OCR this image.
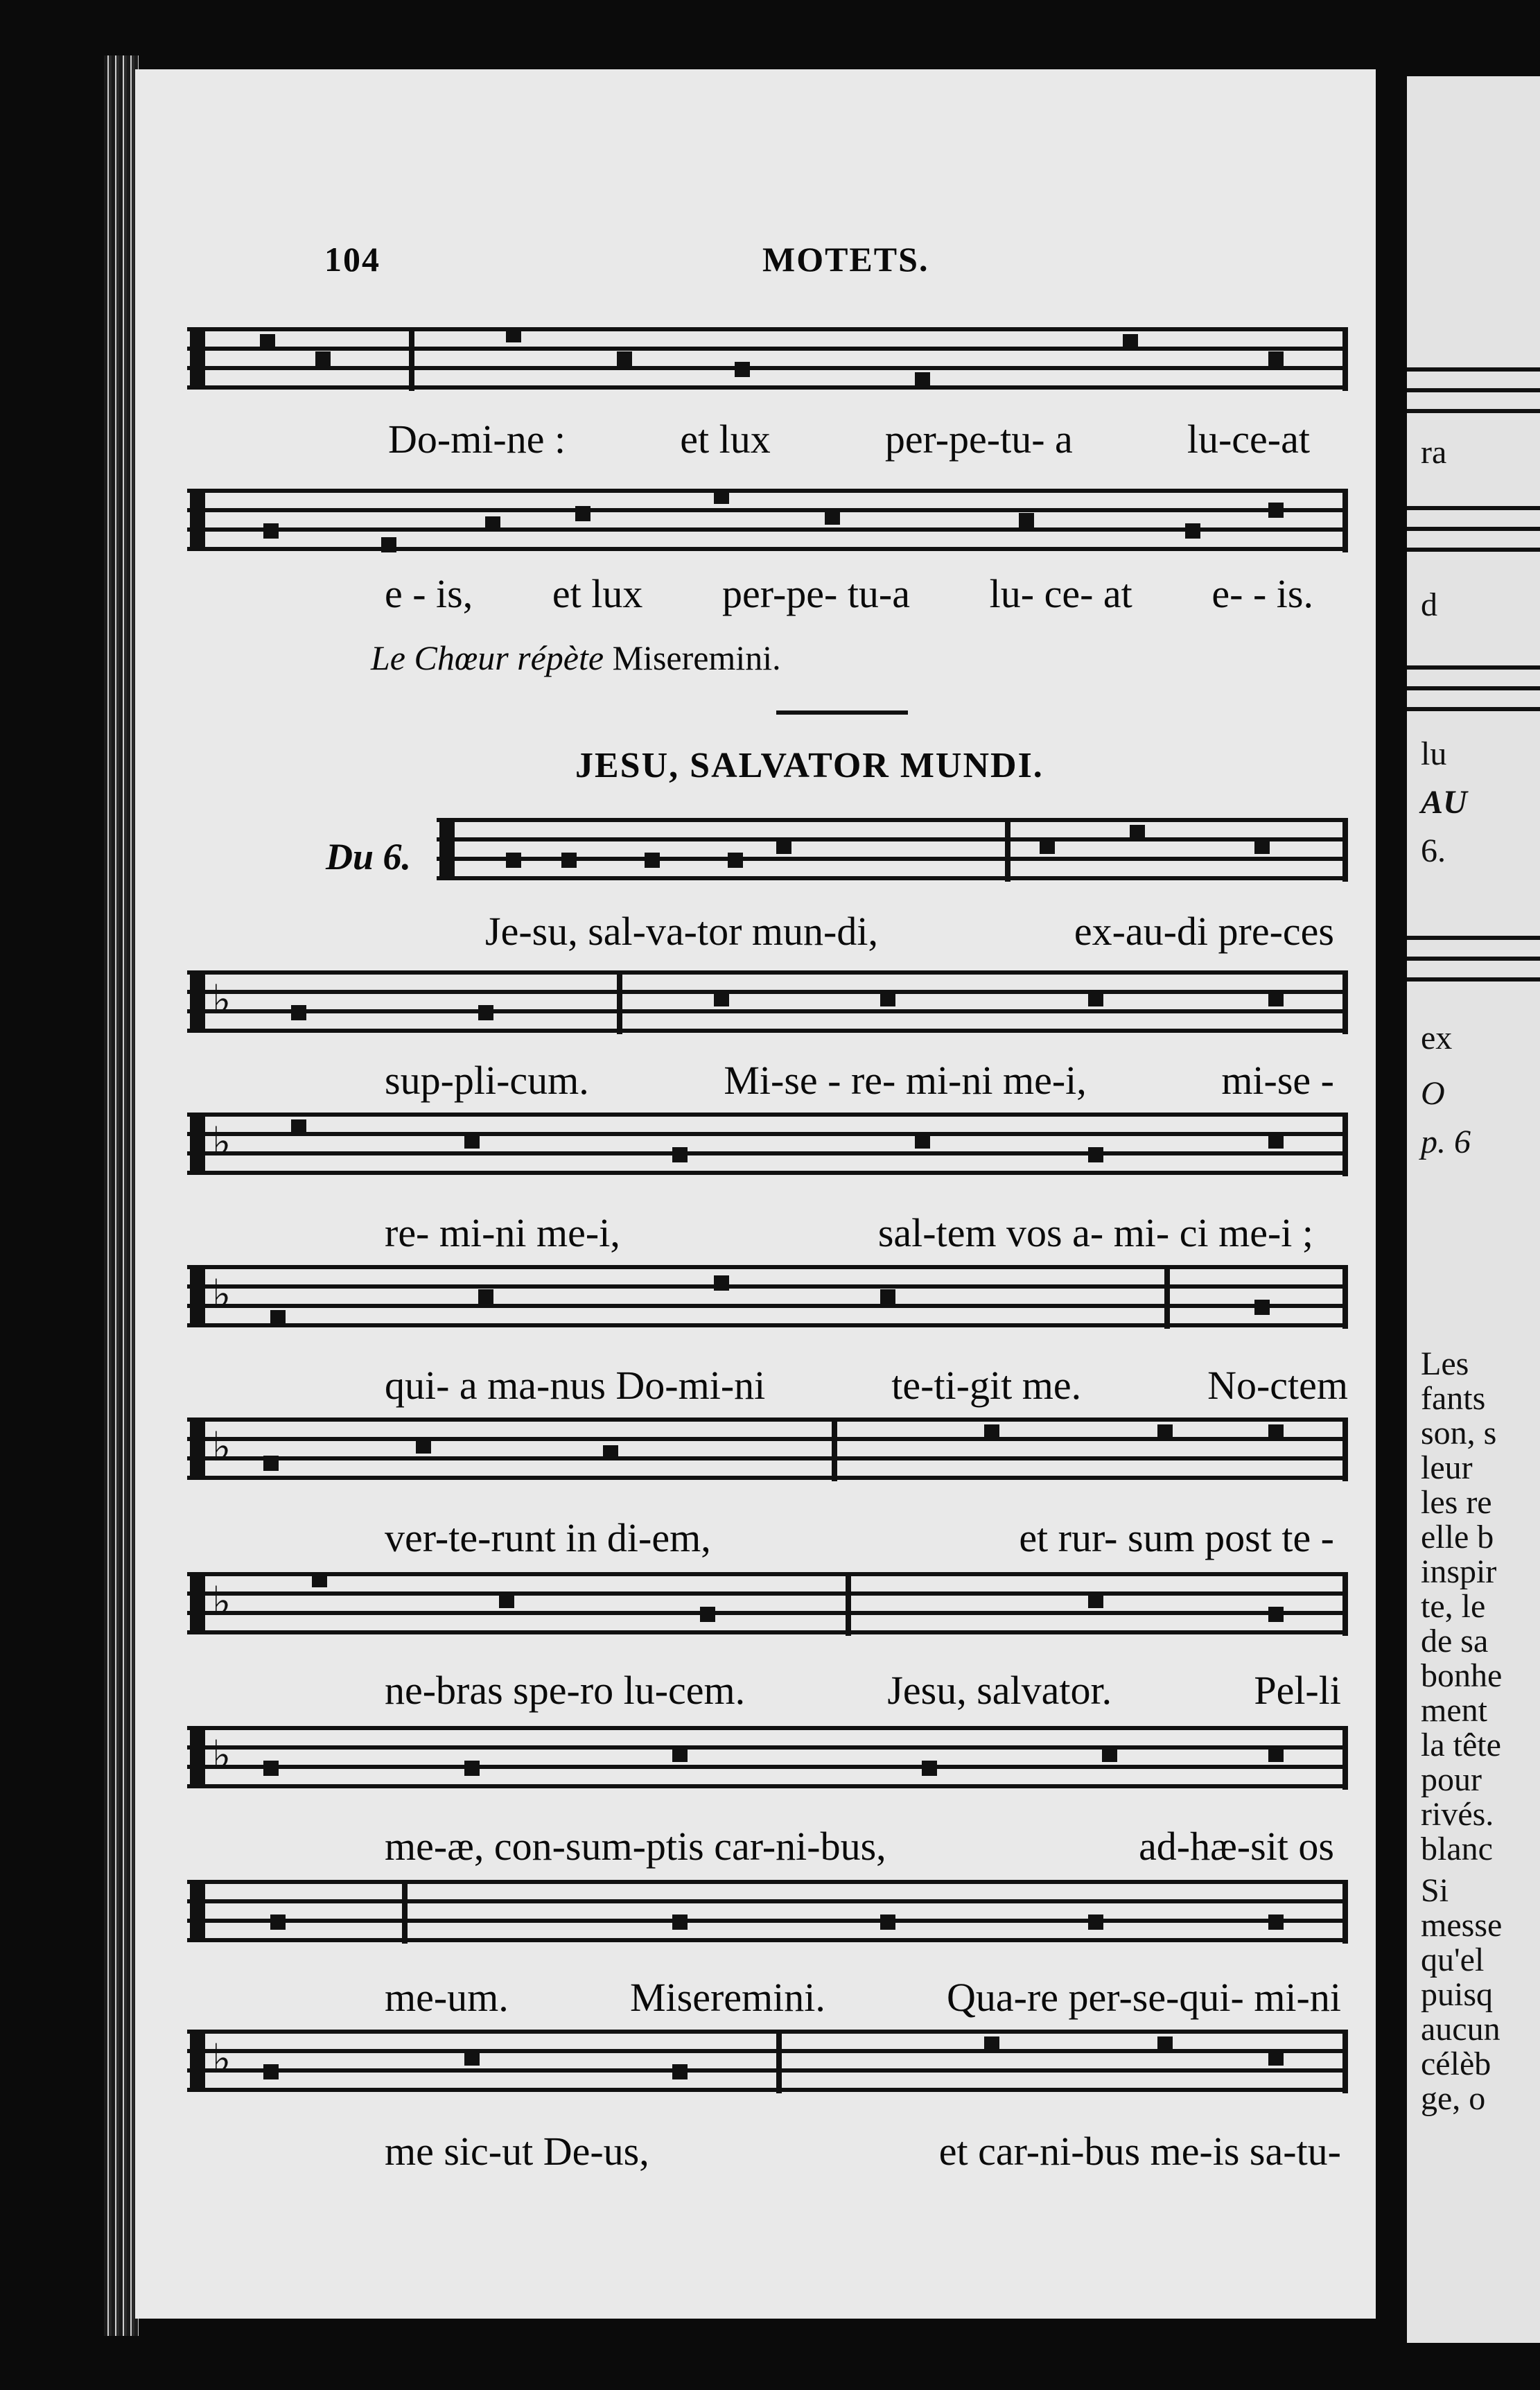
104	MOTETS.
Do-mi-ne :	et lux	per-pe-tu- a	lu-ce-at
e - is, et lux per-pe- tu-a lu- ce- at e- - is.
Le Chœur répète Miseremini.
JESU, SALVATOR MUNDI.
Du 6.
Je-su, sal-va-tor mun-di,	ex-au-di pre-ces
♭
sup-pli-cum.	Mi-se - re- mi-ni me-i,	mi-se -
♭
re- mi-ni me-i,	sal-tem vos a- mi- ci me-i ;
♭
qui- a ma-nus Do-mi-ni	te-ti-git me.	No-ctem
♭
ver-te-runt in di-em,	et rur- sum post te -
♭
ne-bras spe-ro lu-cem.	Jesu, salvator.	Pel-li
♭
me-æ, con-sum-ptis car-ni-bus,	ad-hæ-sit os
me-um.	Miseremini.	Qua-re per-se-qui- mi-ni
♭
me sic-ut De-us,	et car-ni-bus me-is sa-tu-
ra
d
lu
AU
6.
ex
O
p. 6
Les
fants
son, s
leur
les re
elle b
inspir
te, le
de sa
bonhe
ment
la tête
pour
rivés.
blanc
Si
messe
qu'el
puisq
aucun
célèb
ge, o
